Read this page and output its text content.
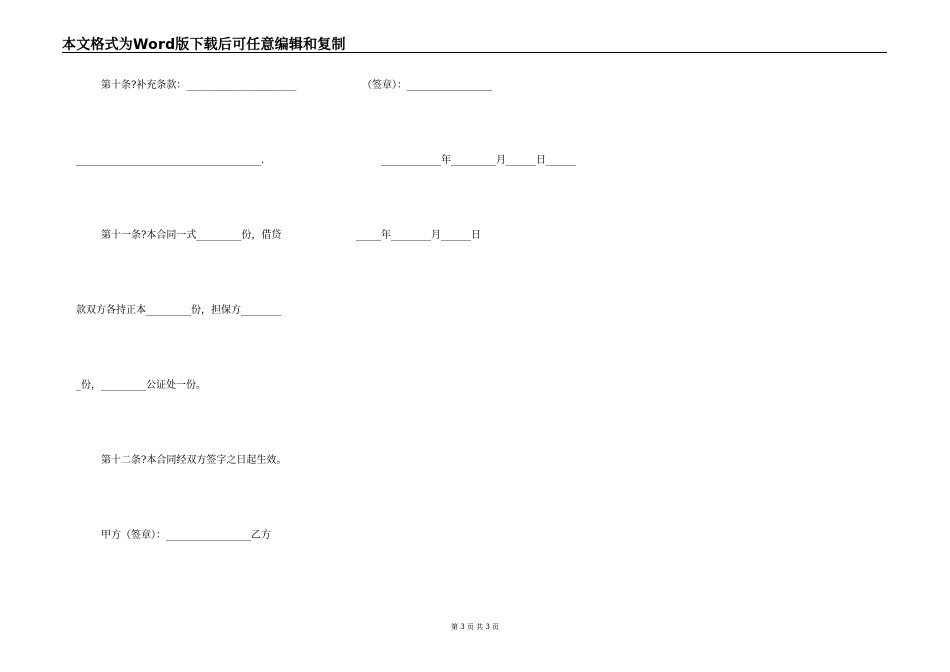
本文格式为Word版下载后可任意编辑和复制
第十条?补充条款：______________________	（签章）：_________________
_____________________________________.	____________年_________月______日______
第十一条?本合同一式_________份，借贷	_____年________月______日
款双方各持正本_________份，担保方________
_份，_________公证处一份。
第十二条?本合同经双方签字之日起生效。
甲方（签章）：_________________乙方
第 3 页 共 3 页
